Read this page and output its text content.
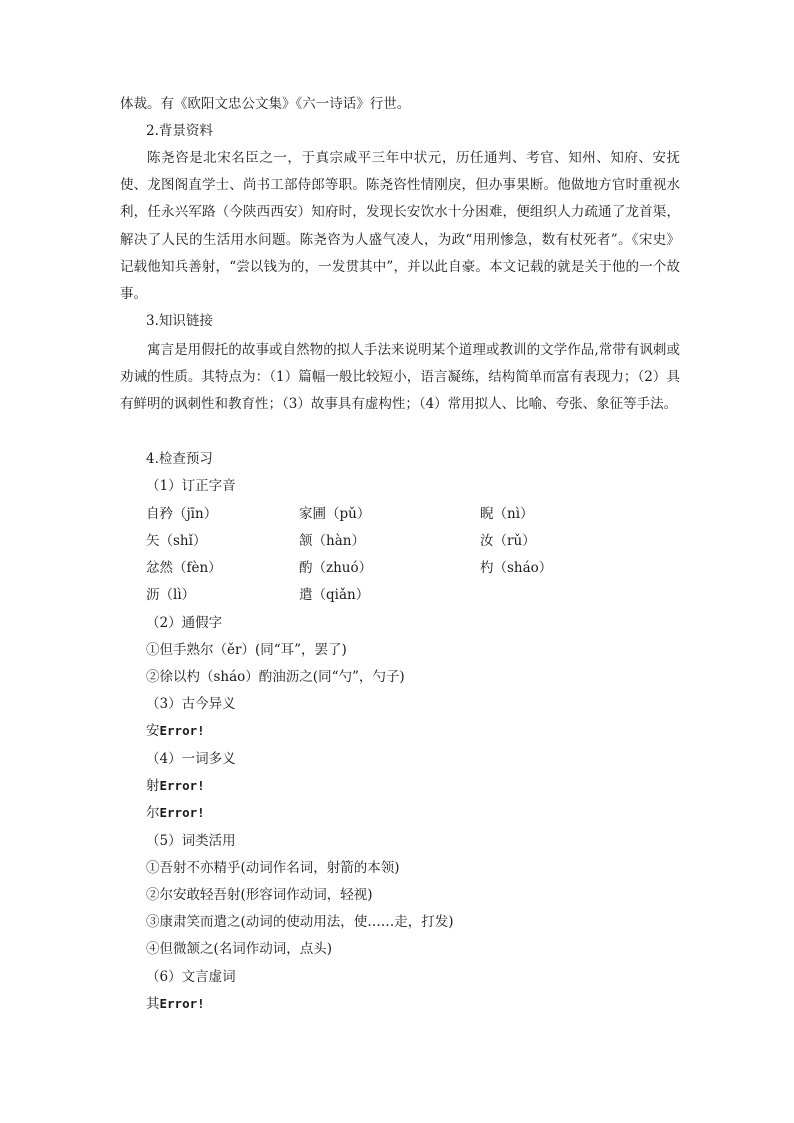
体裁。有《欧阳文忠公文集》《六一诗话》行世。
2.背景资料
陈尧咨是北宋名臣之一，于真宗咸平三年中状元，历任通判、考官、知州、知府、安抚使、龙图阁直学士、尚书工部侍郎等职。陈尧咨性情刚戾，但办事果断。他做地方官时重视水利，任永兴军路（今陕西西安）知府时，发现长安饮水十分困难，便组织人力疏通了龙首渠，解决了人民的生活用水问题。陈尧咨为人盛气凌人，为政“用刑惨急，数有杖死者”。《宋史》记载他知兵善射，“尝以钱为的，一发贯其中”，并以此自豪。本文记载的就是关于他的一个故事。
3.知识链接
寓言是用假托的故事或自然物的拟人手法来说明某个道理或教训的文学作品,常带有讽刺或劝诫的性质。其特点为：（1）篇幅一般比较短小，语言凝练，结构简单而富有表现力；（2）具有鲜明的讽刺性和教育性；（3）故事具有虚构性；（4）常用拟人、比喻、夸张、象征等手法。
4.检查预习
（1）订正字音
自矜（jīn）	家圃（pǔ）	睨（nì）
矢（shǐ）	颔（hàn）	汝（rǔ）
忿然（fèn）	酌（zhuó）	杓（sháo）
沥（lì）	遣（qiǎn）
（2）通假字
①但手熟尔（ěr）(同“耳”，罢了)
②徐以杓（sháo）酌油沥之(同“勺”，勺子)
（3）古今异义
安Error!
（4）一词多义
射Error!
尔Error!
（5）词类活用
①吾射不亦精乎(动词作名词，射箭的本领)
②尔安敢轻吾射(形容词作动词，轻视)
③康肃笑而遣之(动词的使动用法，使……走，打发)
④但微颔之(名词作动词，点头)
（6）文言虚词
其Error!
